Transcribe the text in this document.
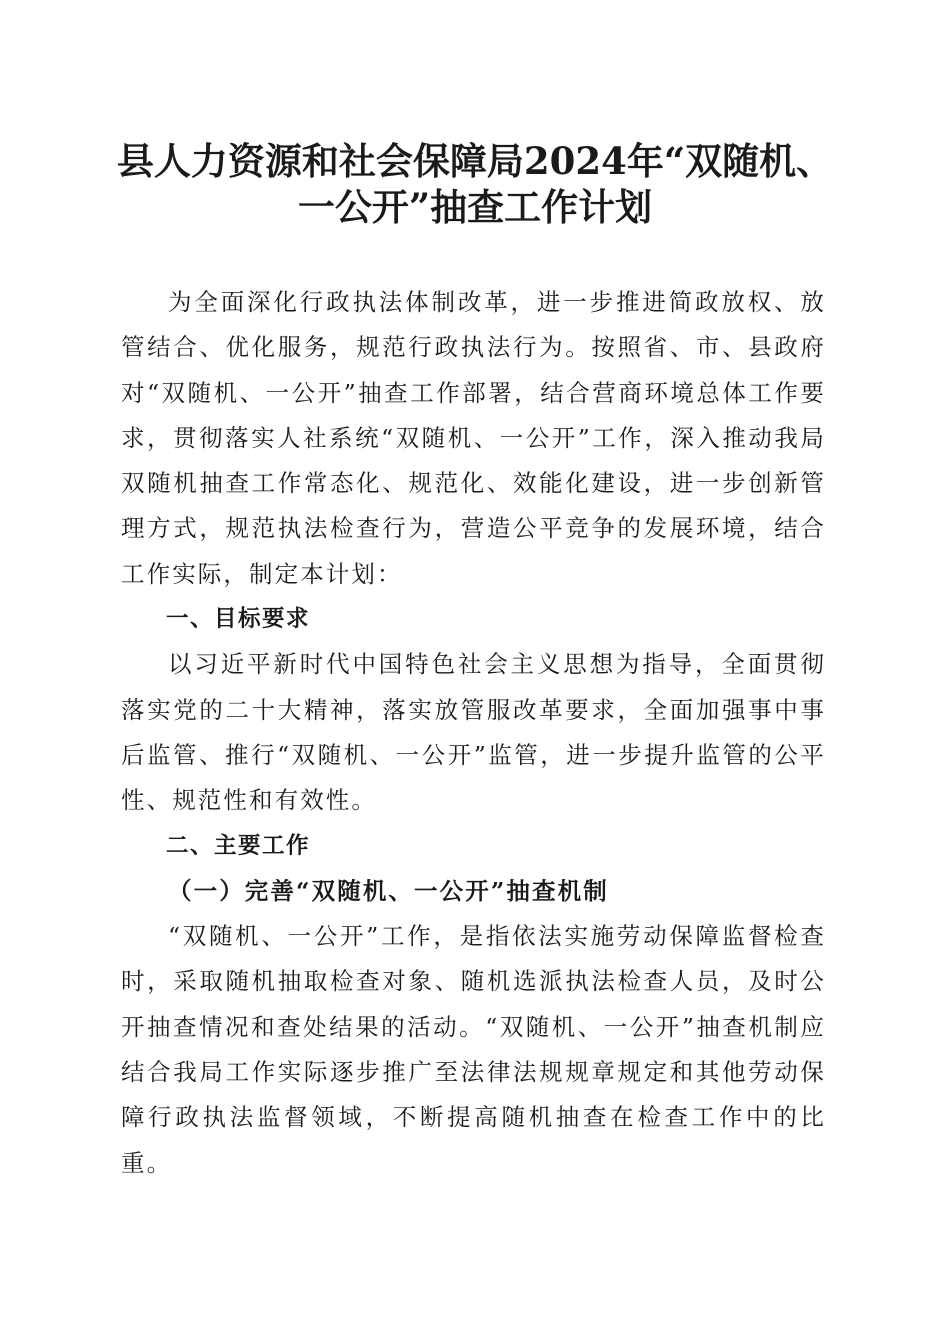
县人力资源和社会保障局2024年“双随机、
一公开”抽查工作计划

为全面深化行政执法体制改革，进一步推进简政放权、放管结合、优化服务，规范行政执法行为。按照省、市、县政府对“双随机、一公开”抽查工作部署，结合营商环境总体工作要求，贯彻落实人社系统“双随机、一公开”工作，深入推动我局双随机抽查工作常态化、规范化、效能化建设，进一步创新管理方式，规范执法检查行为，营造公平竞争的发展环境，结合工作实际，制定本计划：

一、目标要求

以习近平新时代中国特色社会主义思想为指导，全面贯彻落实党的二十大精神，落实放管服改革要求，全面加强事中事后监管、推行“双随机、一公开”监管，进一步提升监管的公平性、规范性和有效性。

二、主要工作

（一）完善“双随机、一公开”抽查机制

“双随机、一公开”工作，是指依法实施劳动保障监督检查时，采取随机抽取检查对象、随机选派执法检查人员，及时公开抽查情况和查处结果的活动。“双随机、一公开”抽查机制应结合我局工作实际逐步推广至法律法规规章规定和其他劳动保障行政执法监督领域，不断提高随机抽查在检查工作中的比重。
